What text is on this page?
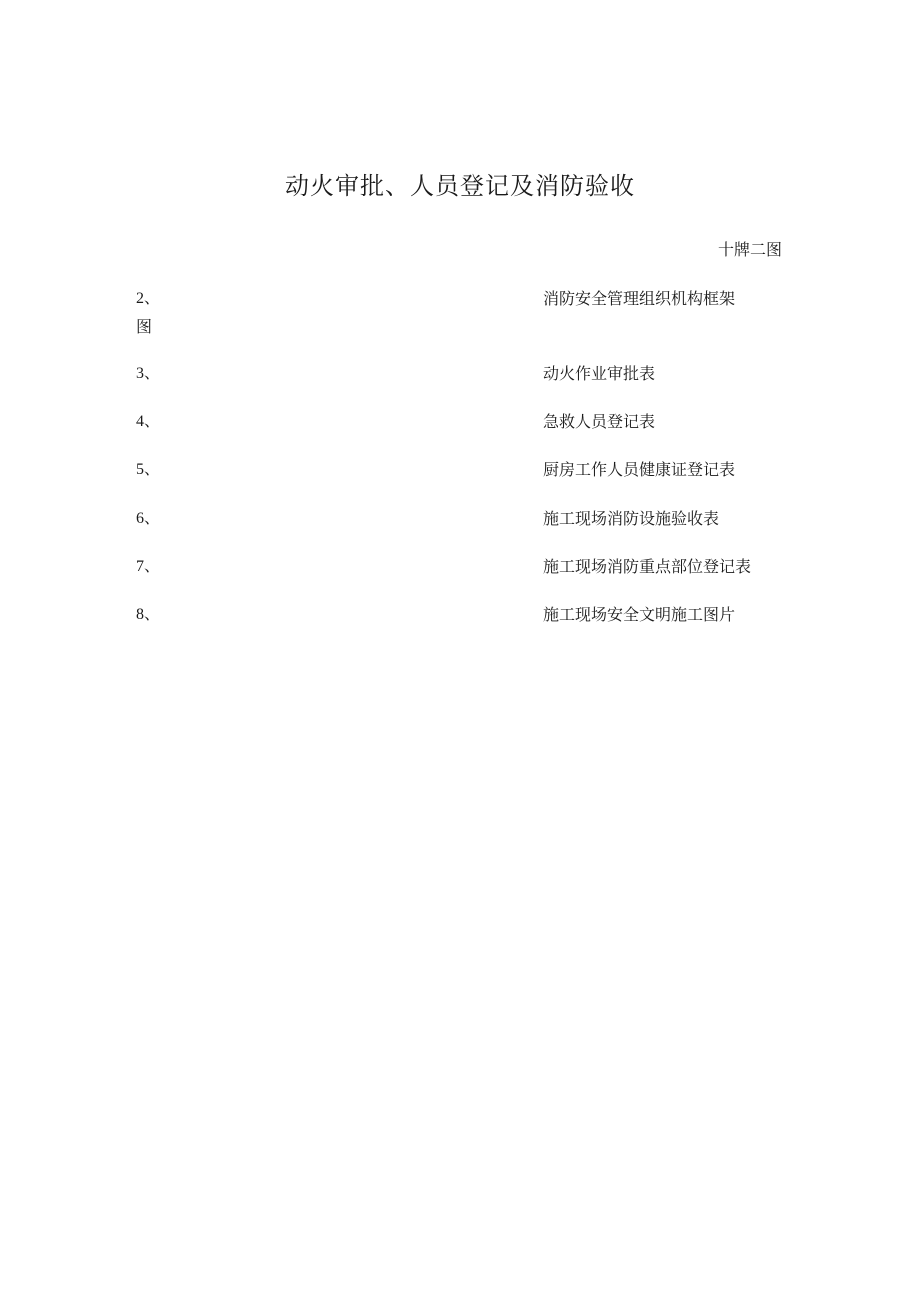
动火审批、人员登记及消防验收
十牌二图
2、	消防安全管理组织机构框架
图
3、	动火作业审批表
4、	急救人员登记表
5、	厨房工作人员健康证登记表
6、	施工现场消防设施验收表
7、	施工现场消防重点部位登记表
8、	施工现场安全文明施工图片
